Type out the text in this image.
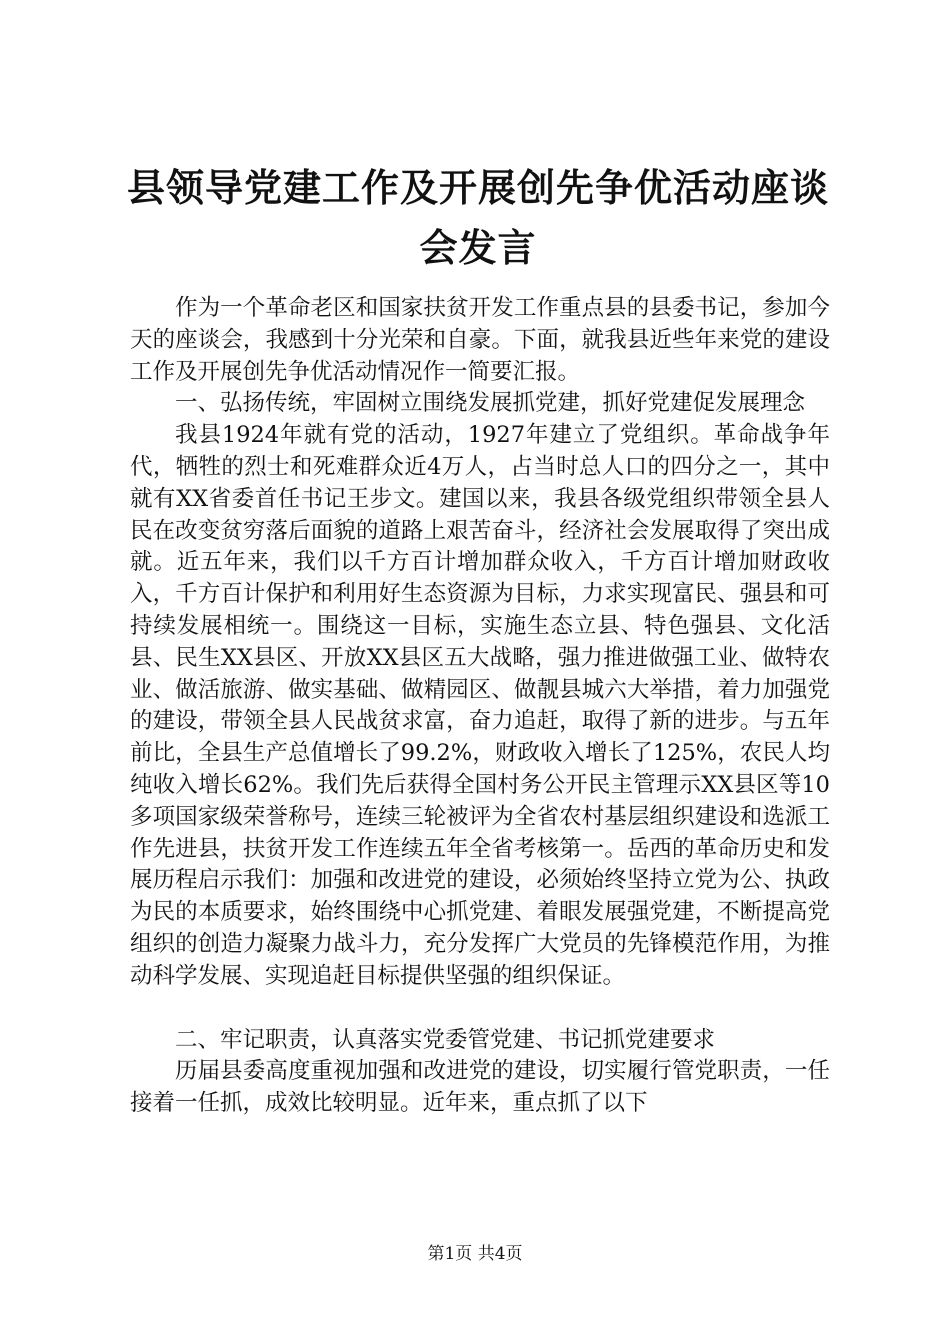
县领导党建工作及开展创先争优活动座谈会发言

作为一个革命老区和国家扶贫开发工作重点县的县委书记，参加今天的座谈会，我感到十分光荣和自豪。下面，就我县近些年来党的建设工作及开展创先争优活动情况作一简要汇报。

一、弘扬传统，牢固树立围绕发展抓党建，抓好党建促发展理念

我县1924年就有党的活动，1927年建立了党组织。革命战争年代，牺牲的烈士和死难群众近4万人，占当时总人口的四分之一，其中就有XX省委首任书记王步文。建国以来，我县各级党组织带领全县人民在改变贫穷落后面貌的道路上艰苦奋斗，经济社会发展取得了突出成就。近五年来，我们以千方百计增加群众收入，千方百计增加财政收入，千方百计保护和利用好生态资源为目标，力求实现富民、强县和可持续发展相统一。围绕这一目标，实施生态立县、特色强县、文化活县、民生XX县区、开放XX县区五大战略，强力推进做强工业、做特农业、做活旅游、做实基础、做精园区、做靓县城六大举措，着力加强党的建设，带领全县人民战贫求富，奋力追赶，取得了新的进步。与五年前比，全县生产总值增长了99.2%，财政收入增长了125%，农民人均纯收入增长62%。我们先后获得全国村务公开民主管理示XX县区等10多项国家级荣誉称号，连续三轮被评为全省农村基层组织建设和选派工作先进县，扶贫开发工作连续五年全省考核第一。岳西的革命历史和发展历程启示我们：加强和改进党的建设，必须始终坚持立党为公、执政为民的本质要求，始终围绕中心抓党建、着眼发展强党建，不断提高党组织的创造力凝聚力战斗力，充分发挥广大党员的先锋模范作用，为推动科学发展、实现追赶目标提供坚强的组织保证。

二、牢记职责，认真落实党委管党建、书记抓党建要求

历届县委高度重视加强和改进党的建设，切实履行管党职责，一任接着一任抓，成效比较明显。近年来，重点抓了以下

第1页 共4页
